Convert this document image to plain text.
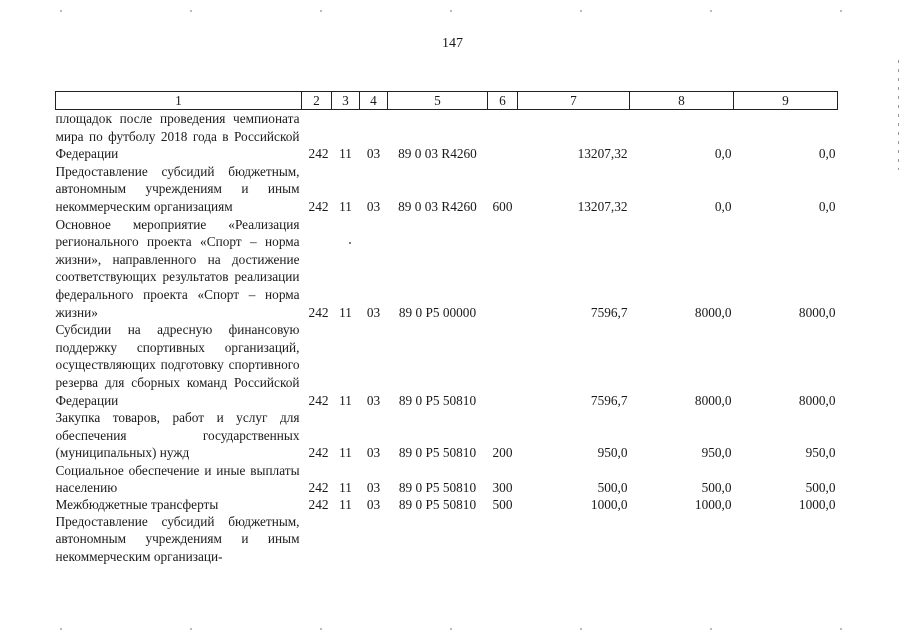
147
1	2	3	4	5	6	7	8	9
площадок после проведения чемпионата мира по футболу 2018 года в Российской Федерации	242	11	03	89 0 03 R4260		13207,32	0,0	0,0
Предоставление субсидий бюджетным, автономным учреждениям и иным некоммерческим организациям	242	11	03	89 0 03 R4260	600	13207,32	0,0	0,0
Основное мероприятие «Реализация регионального проекта «Спорт – норма жизни», направленного на достижение соответствующих результатов реализации федерального проекта «Спорт – норма жизни»	242	11	03	89 0 P5 00000		7596,7	8000,0	8000,0
Субсидии на адресную финансовую поддержку спортивных организаций, осуществляющих подготовку спортивного резерва для сборных команд Российской Федерации	242	11	03	89 0 P5 50810		7596,7	8000,0	8000,0
Закупка товаров, работ и услуг для обеспечения государственных (муниципальных) нужд	242	11	03	89 0 P5 50810	200	950,0	950,0	950,0
Социальное обеспечение и иные выплаты населению	242	11	03	89 0 P5 50810	300	500,0	500,0	500,0
Межбюджетные трансферты	242	11	03	89 0 P5 50810	500	1000,0	1000,0	1000,0
Предоставление субсидий бюджетным, автономным учреждениям и иным некоммерческим организаци-								
